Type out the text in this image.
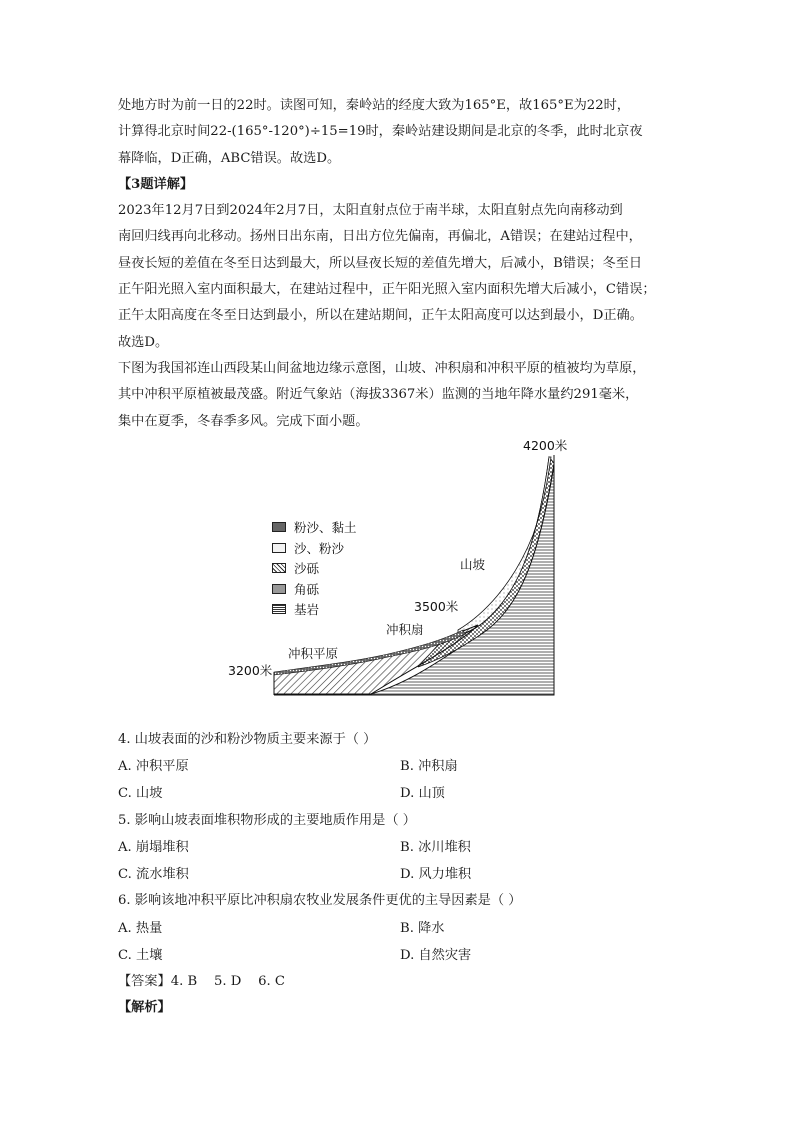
处地方时为前一日的22时。读图可知，秦岭站的经度大致为165°E，故165°E为22时，
计算得北京时间22-(165°-120°)÷15=19时，秦岭站建设期间是北京的冬季，此时北京夜
幕降临，D正确，ABC错误。故选D。
【3题详解】
2023年12月7日到2024年2月7日，太阳直射点位于南半球，太阳直射点先向南移动到
南回归线再向北移动。扬州日出东南，日出方位先偏南，再偏北，A错误；在建站过程中，
昼夜长短的差值在冬至日达到最大，所以昼夜长短的差值先增大，后减小，B错误；冬至日
正午阳光照入室内面积最大，在建站过程中，正午阳光照入室内面积先增大后减小，C错误；
正午太阳高度在冬至日达到最小，所以在建站期间，正午太阳高度可以达到最小，D正确。
故选D。
下图为我国祁连山西段某山间盆地边缘示意图，山坡、冲积扇和冲积平原的植被均为草原，
其中冲积平原植被最茂盛。附近气象站（海拔3367米）监测的当地年降水量约291毫米，
集中在夏季，冬春季多风。完成下面小题。
4200米
山坡
3500米
冲积扇
冲积平原
3200米
粉沙、黏土
沙、粉沙
沙砾
角砾
基岩
4. 山坡表面的沙和粉沙物质主要来源于（ ）
A. 冲积平原	B. 冲积扇
C. 山坡	D. 山顶
5. 影响山坡表面堆积物形成的主要地质作用是（ ）
A. 崩塌堆积	B. 冰川堆积
C. 流水堆积	D. 风力堆积
6. 影响该地冲积平原比冲积扇农牧业发展条件更优的主导因素是（ ）
A. 热量	B. 降水
C. 土壤	D. 自然灾害
【答案】4. B    5. D    6. C
【解析】
